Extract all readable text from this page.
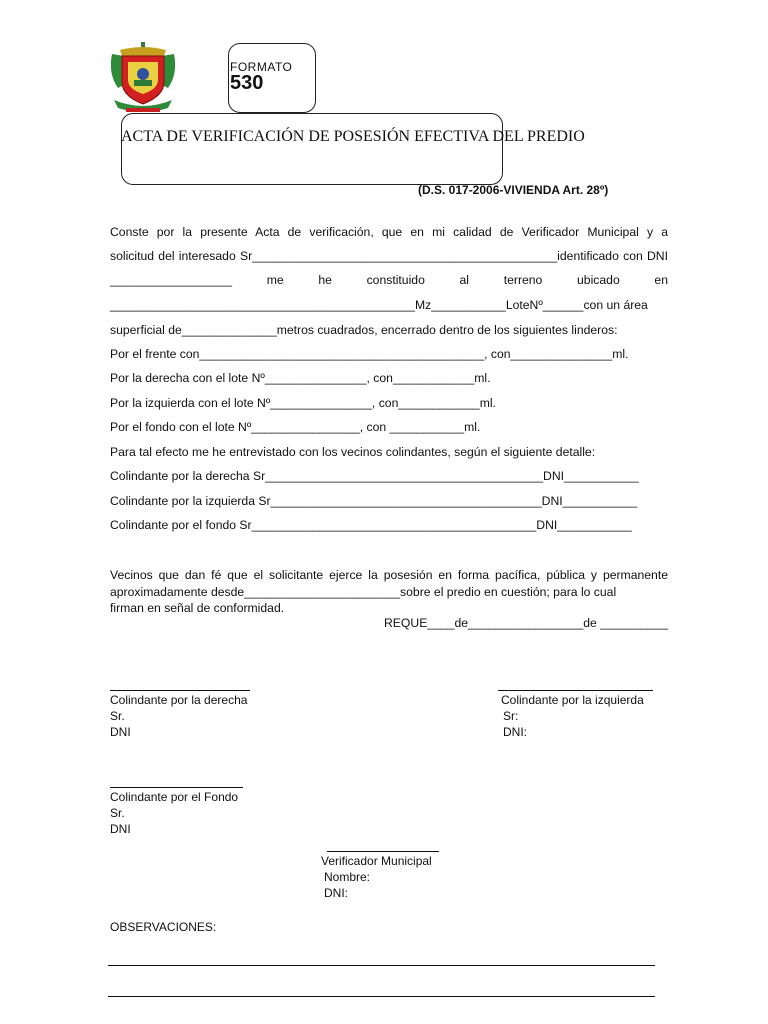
FORMATO
530
ACTA DE VERIFICACIÓN DE POSESIÓN EFECTIVA DEL PREDIO
(D.S. 017-2006-VIVIENDA Art. 28º)
Conste por la presente Acta de verificación, que en mi calidad de Verificador Municipal y a
solicitud del interesado Sr_____________________________________________identificado con DNI
__________________	me	he	constituido	al	terreno	ubicado	en
_____________________________________________Mz___________LoteNº______con un área
superficial de______________metros cuadrados, encerrado dentro de los siguientes linderos:
Por el frente con__________________________________________, con_______________ml.
Por la derecha con el lote Nº_______________, con____________ml.
Por la izquierda con el lote Nº_______________, con____________ml.
Por el fondo con el lote Nº________________, con ___________ml.
Para tal efecto me he entrevistado con los vecinos colindantes, según el siguiente detalle:
Colindante por la derecha Sr_________________________________________DNI___________
Colindante por la izquierda Sr________________________________________DNI___________
Colindante por el fondo Sr__________________________________________DNI___________
Vecinos que dan fé que el solicitante ejerce la posesión en forma pacífica, pública y permanente aproximadamente desde_______________________sobre el predio en cuestión; para lo cual
firman en señal de conformidad.
REQUE____de_________________de __________
Colindante por la derecha
Sr.
DNI
Colindante por la izquierda
Sr:
DNI:
Colindante por el Fondo
Sr.
DNI
Verificador Municipal
Nombre:
DNI:
OBSERVACIONES:
